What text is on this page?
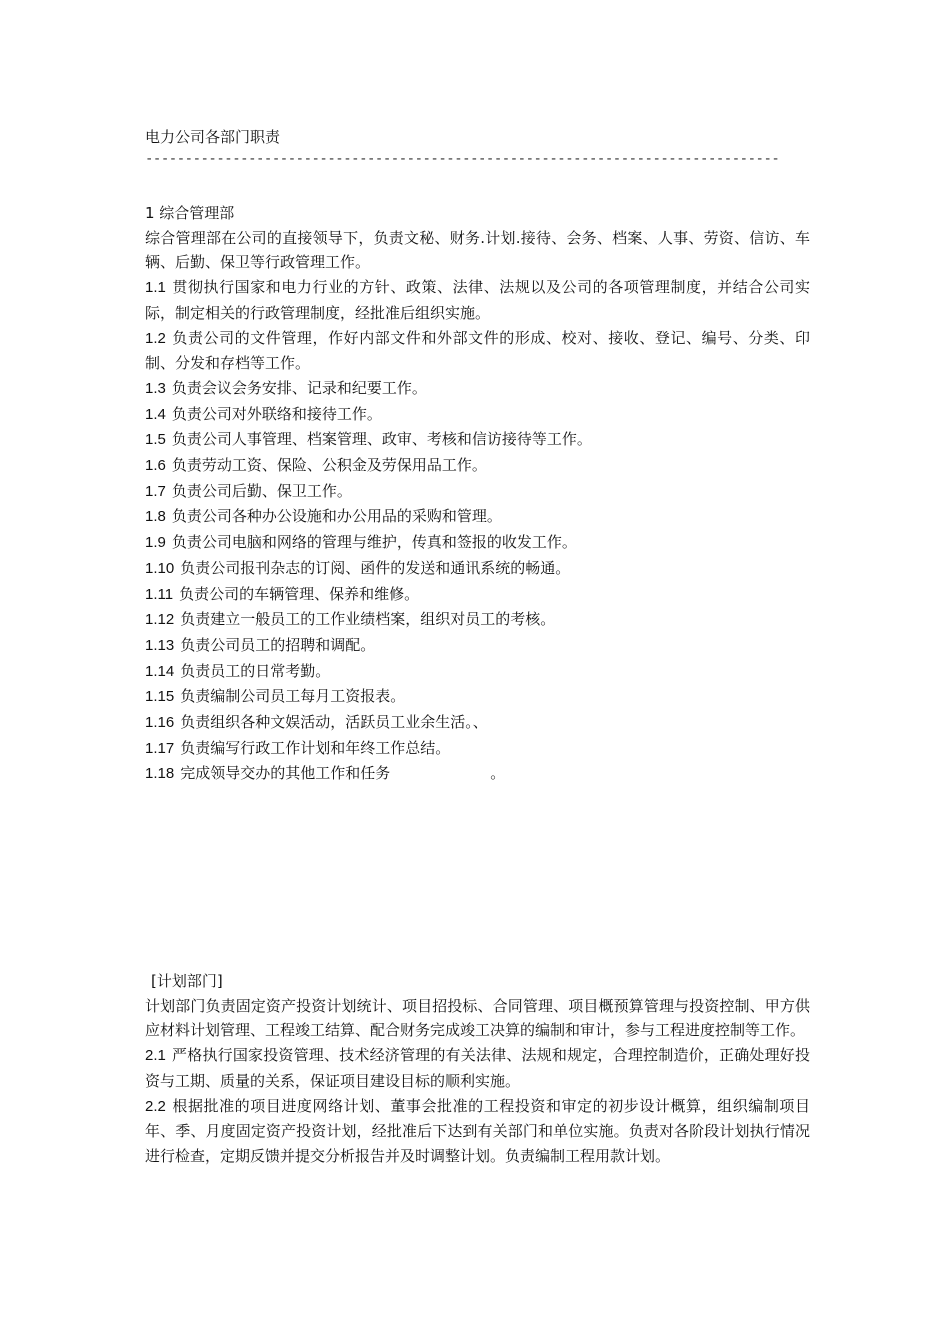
电力公司各部门职责
--------------------------------------------------------------------------------

1 综合管理部

综合管理部在公司的直接领导下，负责文秘、财务.计划.接待、会务、档案、人事、劳资、信访、车辆、后勤、保卫等行政管理工作。

1.1 贯彻执行国家和电力行业的方针、政策、法律、法规以及公司的各项管理制度，并结合公司实际，制定相关的行政管理制度，经批准后组织实施。

1.2 负责公司的文件管理，作好内部文件和外部文件的形成、校对、接收、登记、编号、分类、印制、分发和存档等工作。

1.3 负责会议会务安排、记录和纪要工作。

1.4 负责公司对外联络和接待工作。

1.5 负责公司人事管理、档案管理、政审、考核和信访接待等工作。

1.6 负责劳动工资、保险、公积金及劳保用品工作。

1.7 负责公司后勤、保卫工作。

1.8 负责公司各种办公设施和办公用品的采购和管理。

1.9 负责公司电脑和网络的管理与维护，传真和签报的收发工作。

1.10 负责公司报刊杂志的订阅、函件的发送和通讯系统的畅通。

1.11 负责公司的车辆管理、保养和维修。

1.12 负责建立一般员工的工作业绩档案，组织对员工的考核。

1.13 负责公司员工的招聘和调配。

1.14 负责员工的日常考勤。

1.15 负责编制公司员工每月工资报表。

1.16 负责组织各种文娱活动，活跃员工业余生活。、

1.17 负责编写行政工作计划和年终工作总结。

1.18 完成领导交办的其他工作和任务	。

[计划部门]

计划部门负责固定资产投资计划统计、项目招投标、合同管理、项目概预算管理与投资控制、甲方供应材料计划管理、工程竣工结算、配合财务完成竣工决算的编制和审计，参与工程进度控制等工作。

2.1 严格执行国家投资管理、技术经济管理的有关法律、法规和规定，合理控制造价，正确处理好投资与工期、质量的关系，保证项目建设目标的顺利实施。

2.2 根据批准的项目进度网络计划、董事会批准的工程投资和审定的初步设计概算，组织编制项目年、季、月度固定资产投资计划，经批准后下达到有关部门和单位实施。负责对各阶段计划执行情况进行检查，定期反馈并提交分析报告并及时调整计划。负责编制工程用款计划。
